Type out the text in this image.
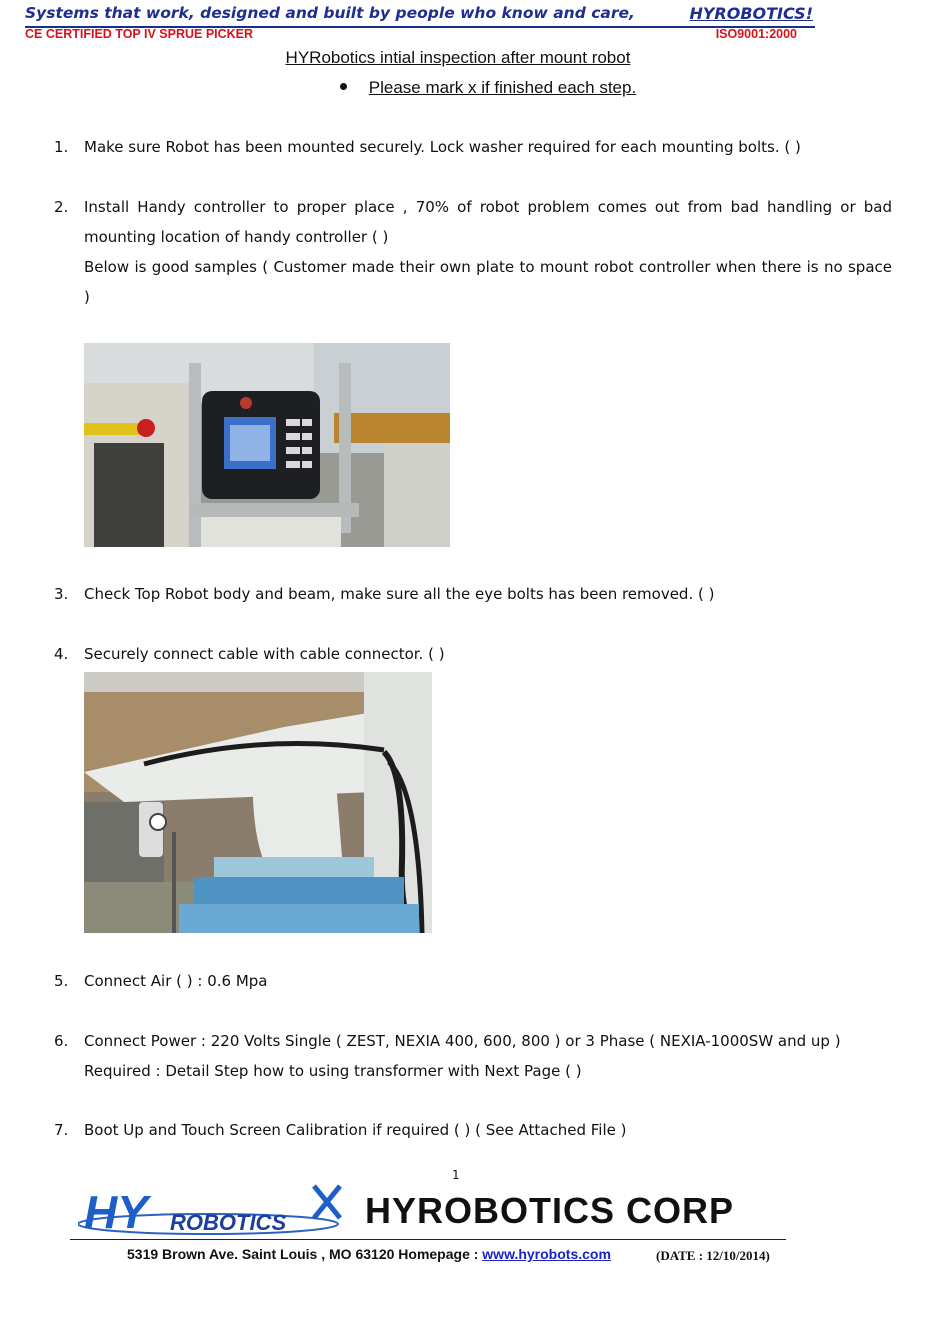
Systems that work, designed and built by people who know and care,	HYROBOTICS!
CE CERTIFIED TOP IV SPRUE PICKER	ISO9001:2000
HYRobotics intial inspection after mount robot
Please mark x if finished each step.
1. Make sure Robot has been mounted securely. Lock washer required for each mounting bolts. ( )

2. Install Handy controller to proper place , 70% of robot problem comes out from bad handling or bad mounting location of handy controller ( )

Below is good samples ( Customer made their own plate to mount robot controller when there is no space )

3. Check Top Robot body and beam, make sure all the eye bolts has been removed. ( )

4. Securely connect cable with cable connector. ( )

5. Connect Air ( ) : 0.6 Mpa

6. Connect Power : 220 Volts Single ( ZEST, NEXIA 400, 600, 800 ) or 3 Phase ( NEXIA-1000SW and up )

Required : Detail Step how to using transformer with Next Page ( )

7. Boot Up and Touch Screen Calibration if required ( ) ( See Attached File )

1
HY ROBOTICS HYROBOTICS CORP
5319 Brown Ave. Saint Louis , MO 63120 Homepage : www.hyrobots.com	(DATE : 12/10/2014)
